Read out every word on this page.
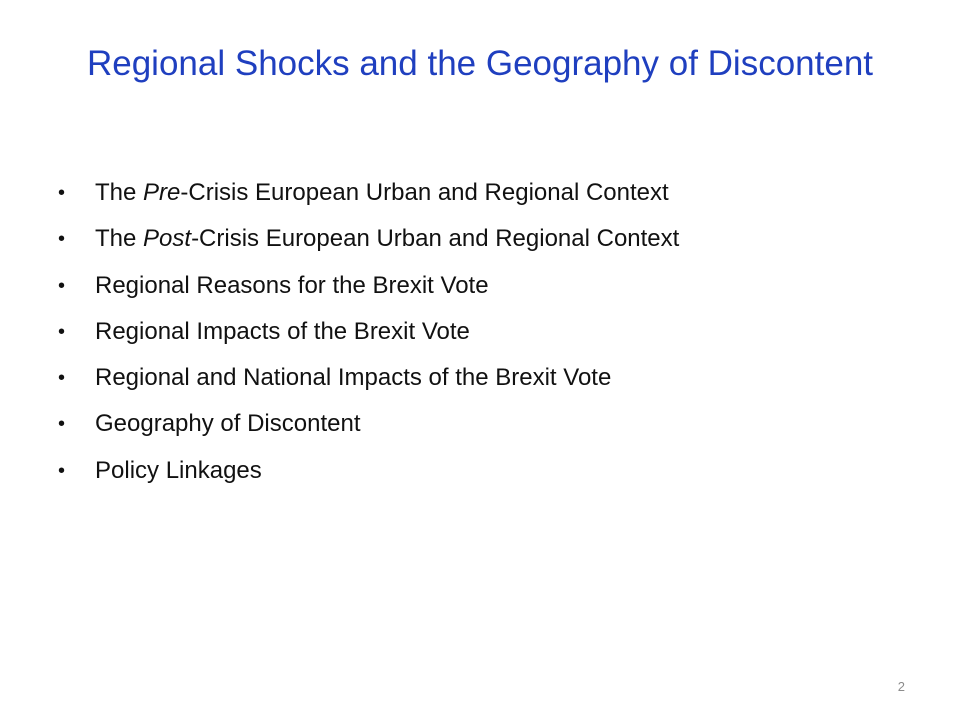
Regional Shocks and the Geography of Discontent
•	The Pre-Crisis European Urban and Regional Context
•	The Post-Crisis European Urban and Regional Context
•	Regional Reasons for the Brexit Vote
•	Regional Impacts of the Brexit Vote
•	Regional and National Impacts of the Brexit Vote
•	Geography of Discontent
•	Policy Linkages
2
